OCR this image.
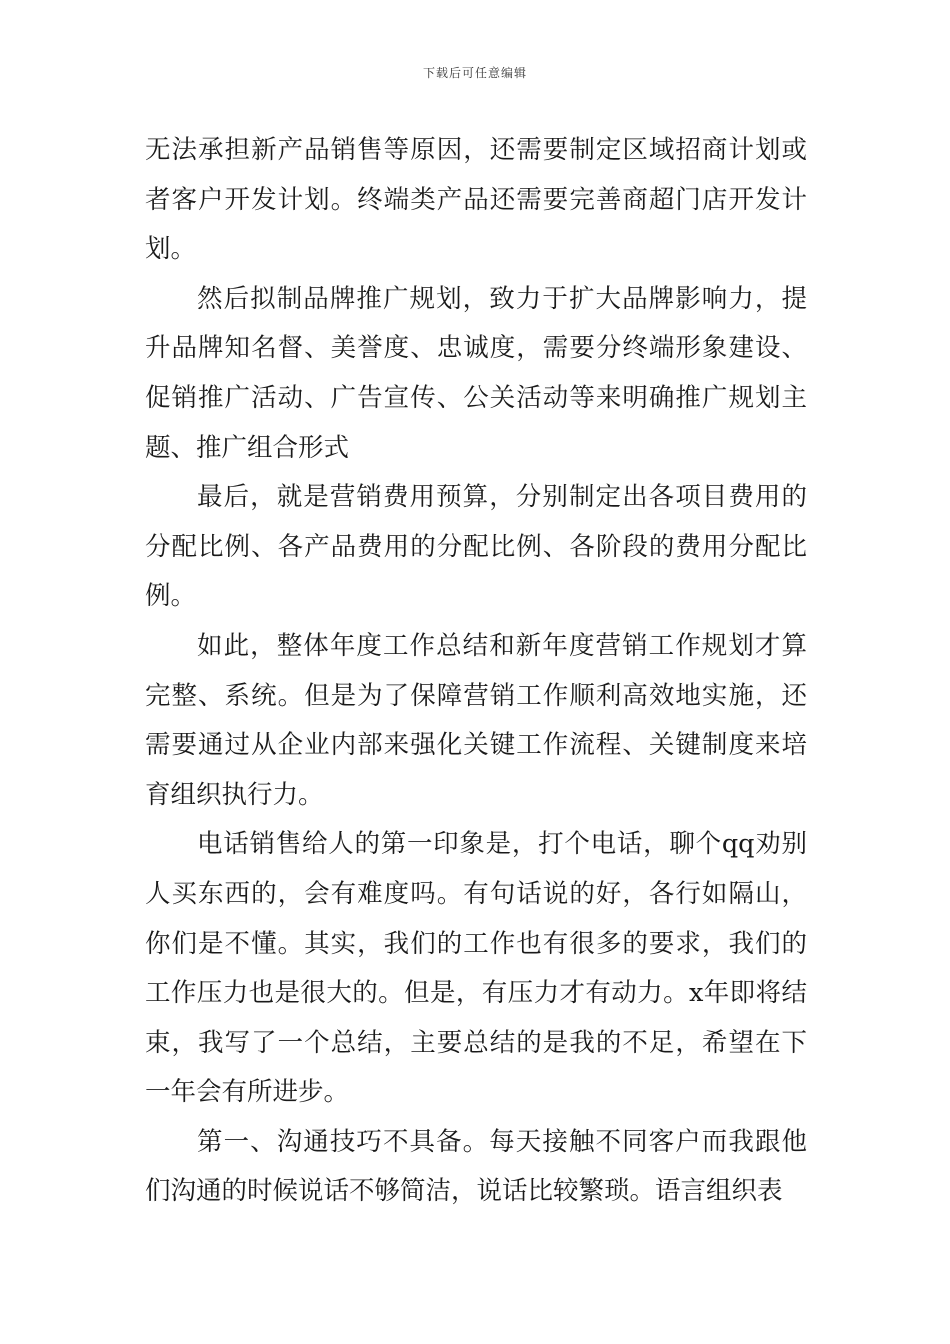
下载后可任意编辑

无法承担新产品销售等原因，还需要制定区域招商计划或者客户开发计划。终端类产品还需要完善商超门店开发计划。

然后拟制品牌推广规划，致力于扩大品牌影响力，提升品牌知名督、美誉度、忠诚度，需要分终端形象建设、促销推广活动、广告宣传、公关活动等来明确推广规划主题、推广组合形式

最后，就是营销费用预算，分别制定出各项目费用的分配比例、各产品费用的分配比例、各阶段的费用分配比例。

如此，整体年度工作总结和新年度营销工作规划才算完整、系统。但是为了保障营销工作顺利高效地实施，还需要通过从企业内部来强化关键工作流程、关键制度来培育组织执行力。

电话销售给人的第一印象是，打个电话，聊个qq劝别人买东西的，会有难度吗。有句话说的好，各行如隔山，你们是不懂。其实，我们的工作也有很多的要求，我们的工作压力也是很大的。但是，有压力才有动力。x年即将结束，我写了一个总结，主要总结的是我的不足，希望在下一年会有所进步。

第一、沟通技巧不具备。每天接触不同客户而我跟他们沟通的时候说话不够简洁，说话比较繁琐。语言组织表
